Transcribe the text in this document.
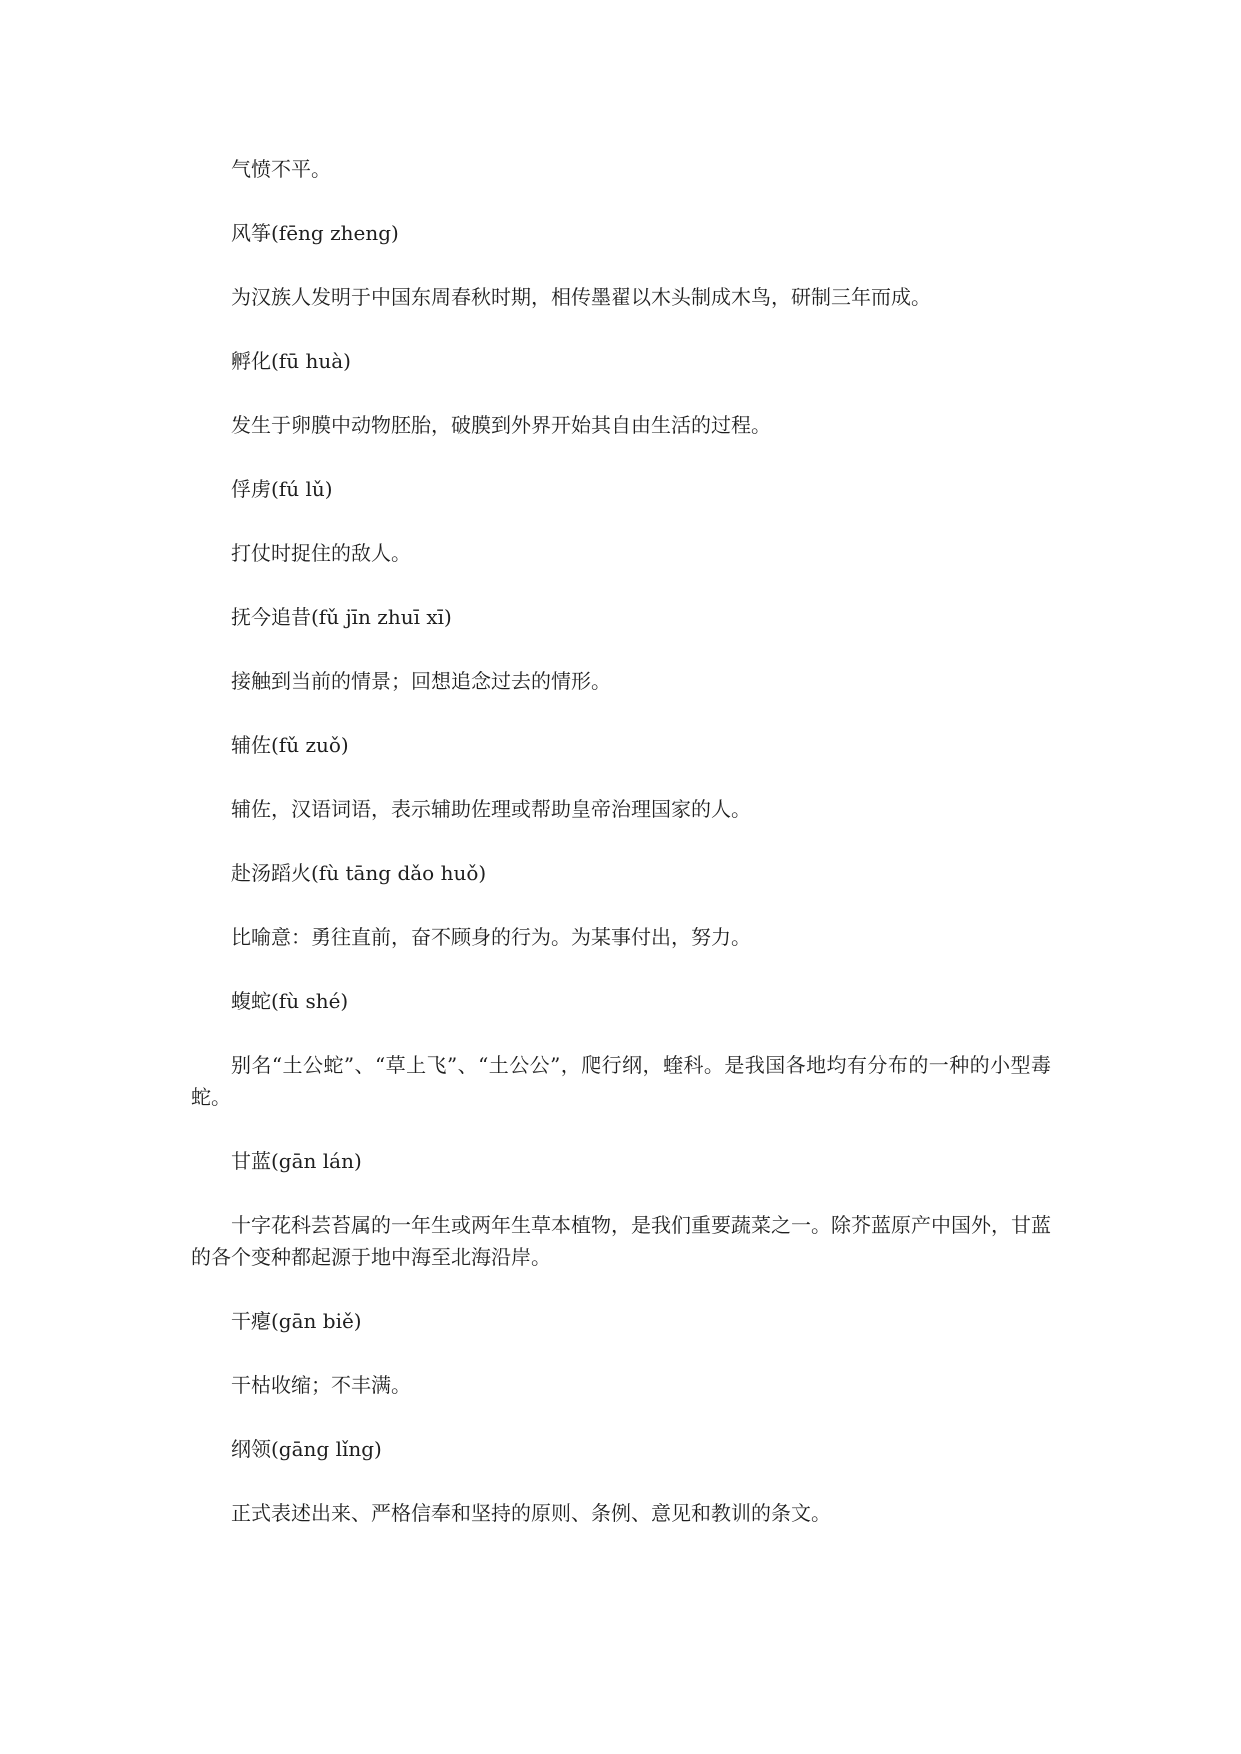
气愤不平。

风筝(fēng zheng)

为汉族人发明于中国东周春秋时期，相传墨翟以木头制成木鸟，研制三年而成。

孵化(fū huà)

发生于卵膜中动物胚胎，破膜到外界开始其自由生活的过程。

俘虏(fú lǔ)

打仗时捉住的敌人。

抚今追昔(fǔ jīn zhuī xī)

接触到当前的情景；回想追念过去的情形。

辅佐(fǔ zuǒ)

辅佐，汉语词语，表示辅助佐理或帮助皇帝治理国家的人。

赴汤蹈火(fù tāng dǎo huǒ)

比喻意：勇往直前，奋不顾身的行为。为某事付出，努力。

蝮蛇(fù shé)

别名“土公蛇”、“草上飞”、“土公公”，爬行纲，蝰科。是我国各地均有分布的一种的小型毒蛇。

甘蓝(gān lán)

十字花科芸苔属的一年生或两年生草本植物，是我们重要蔬菜之一。除芥蓝原产中国外，甘蓝的各个变种都起源于地中海至北海沿岸。

干瘪(gān biě)

干枯收缩；不丰满。

纲领(gāng lǐng)

正式表述出来、严格信奉和坚持的原则、条例、意见和教训的条文。
